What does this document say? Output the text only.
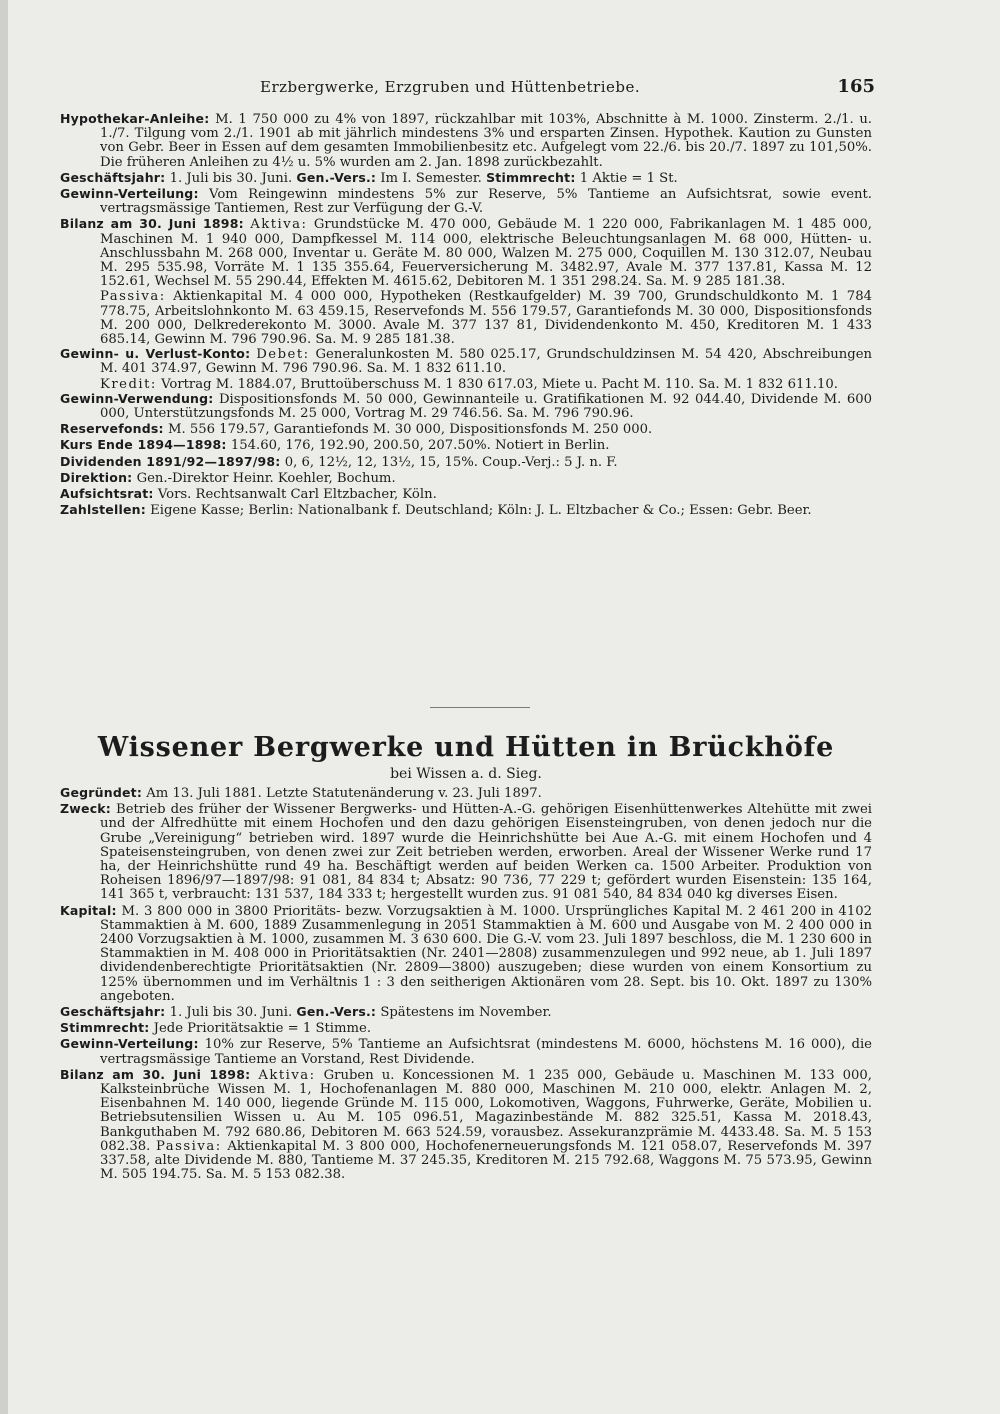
Erzbergwerke, Erzgruben und Hüttenbetriebe.	165

Hypothekar-Anleihe: M. 1 750 000 zu 4% von 1897, rückzahlbar mit 103%, Abschnitte à M. 1000. Zinsterm. 2./1. u. 1./7. Tilgung vom 2./1. 1901 ab mit jährlich mindestens 3% und ersparten Zinsen. Hypothek. Kaution zu Gunsten von Gebr. Beer in Essen auf dem gesamten Immobilienbesitz etc. Aufgelegt vom 22./6. bis 20./7. 1897 zu 101,50%. Die früheren Anleihen zu 4½ u. 5% wurden am 2. Jan. 1898 zurückbezahlt.

Geschäftsjahr: 1. Juli bis 30. Juni. Gen.-Vers.: Im I. Semester. Stimmrecht: 1 Aktie = 1 St.

Gewinn-Verteilung: Vom Reingewinn mindestens 5% zur Reserve, 5% Tantieme an Aufsichtsrat, sowie event. vertragsmässige Tantiemen, Rest zur Verfügung der G.-V.

Bilanz am 30. Juni 1898: Aktiva: Grundstücke M. 470 000, Gebäude M. 1 220 000, Fabrikanlagen M. 1 485 000, Maschinen M. 1 940 000, Dampfkessel M. 114 000, elektrische Beleuchtungsanlagen M. 68 000, Hütten- u. Anschlussbahn M. 268 000, Inventar u. Geräte M. 80 000, Walzen M. 275 000, Coquillen M. 130 312.07, Neubau M. 295 535.98, Vorräte M. 1 135 355.64, Feuerversicherung M. 3482.97, Avale M. 377 137.81, Kassa M. 12 152.61, Wechsel M. 55 290.44, Effekten M. 4615.62, Debitoren M. 1 351 298.24. Sa. M. 9 285 181.38.

Passiva: Aktienkapital M. 4 000 000, Hypotheken (Restkaufgelder) M. 39 700, Grundschuldkonto M. 1 784 778.75, Arbeitslohnkonto M. 63 459.15, Reservefonds M. 556 179.57, Garantiefonds M. 30 000, Dispositionsfonds M. 200 000, Delkrederekonto M. 3000. Avale M. 377 137 81, Dividendenkonto M. 450, Kreditoren M. 1 433 685.14, Gewinn M. 796 790.96. Sa. M. 9 285 181.38.

Gewinn- u. Verlust-Konto: Debet: Generalunkosten M. 580 025.17, Grundschuldzinsen M. 54 420, Abschreibungen M. 401 374.97, Gewinn M. 796 790.96. Sa. M. 1 832 611.10.

Kredit: Vortrag M. 1884.07, Bruttoüberschuss M. 1 830 617.03, Miete u. Pacht M. 110. Sa. M. 1 832 611.10.

Gewinn-Verwendung: Dispositionsfonds M. 50 000, Gewinnanteile u. Gratifikationen M. 92 044.40, Dividende M. 600 000, Unterstützungsfonds M. 25 000, Vortrag M. 29 746.56. Sa. M. 796 790.96.

Reservefonds: M. 556 179.57, Garantiefonds M. 30 000, Dispositionsfonds M. 250 000.

Kurs Ende 1894—1898: 154.60, 176, 192.90, 200.50, 207.50%. Notiert in Berlin.

Dividenden 1891/92—1897/98: 0, 6, 12½, 12, 13½, 15, 15%. Coup.-Verj.: 5 J. n. F.

Direktion: Gen.-Direktor Heinr. Koehler, Bochum.

Aufsichtsrat: Vors. Rechtsanwalt Carl Eltzbacher, Köln.

Zahlstellen: Eigene Kasse; Berlin: Nationalbank f. Deutschland; Köln: J. L. Eltzbacher & Co.; Essen: Gebr. Beer.

Wissener Bergwerke und Hütten in Brückhöfe
bei Wissen a. d. Sieg.

Gegründet: Am 13. Juli 1881. Letzte Statutenänderung v. 23. Juli 1897.

Zweck: Betrieb des früher der Wissener Bergwerks- und Hütten-A.-G. gehörigen Eisenhüttenwerkes Altehütte mit zwei und der Alfredhütte mit einem Hochofen und den dazu gehörigen Eisensteingruben, von denen jedoch nur die Grube „Vereinigung“ betrieben wird. 1897 wurde die Heinrichshütte bei Aue A.-G. mit einem Hochofen und 4 Spateisensteingruben, von denen zwei zur Zeit betrieben werden, erworben. Areal der Wissener Werke rund 17 ha, der Heinrichshütte rund 49 ha. Beschäftigt werden auf beiden Werken ca. 1500 Arbeiter. Produktion von Roheisen 1896/97—1897/98: 91 081, 84 834 t; Absatz: 90 736, 77 229 t; gefördert wurden Eisenstein: 135 164, 141 365 t, verbraucht: 131 537, 184 333 t; hergestellt wurden zus. 91 081 540, 84 834 040 kg diverses Eisen.

Kapital: M. 3 800 000 in 3800 Prioritäts- bezw. Vorzugsaktien à M. 1000. Ursprüngliches Kapital M. 2 461 200 in 4102 Stammaktien à M. 600, 1889 Zusammenlegung in 2051 Stammaktien à M. 600 und Ausgabe von M. 2 400 000 in 2400 Vorzugsaktien à M. 1000, zusammen M. 3 630 600. Die G.-V. vom 23. Juli 1897 beschloss, die M. 1 230 600 in Stammaktien in M. 408 000 in Prioritätsaktien (Nr. 2401—2808) zusammenzulegen und 992 neue, ab 1. Juli 1897 dividendenberechtigte Prioritätsaktien (Nr. 2809—3800) auszugeben; diese wurden von einem Konsortium zu 125% übernommen und im Verhältnis 1 : 3 den seitherigen Aktionären vom 28. Sept. bis 10. Okt. 1897 zu 130% angeboten.

Geschäftsjahr: 1. Juli bis 30. Juni. Gen.-Vers.: Spätestens im November.

Stimmrecht: Jede Prioritätsaktie = 1 Stimme.

Gewinn-Verteilung: 10% zur Reserve, 5% Tantieme an Aufsichtsrat (mindestens M. 6000, höchstens M. 16 000), die vertragsmässige Tantieme an Vorstand, Rest Dividende.

Bilanz am 30. Juni 1898: Aktiva: Gruben u. Koncessionen M. 1 235 000, Gebäude u. Maschinen M. 133 000, Kalksteinbrüche Wissen M. 1, Hochofenanlagen M. 880 000, Maschinen M. 210 000, elektr. Anlagen M. 2, Eisenbahnen M. 140 000, liegende Gründe M. 115 000, Lokomotiven, Waggons, Fuhrwerke, Geräte, Mobilien u. Betriebsutensilien Wissen u. Au M. 105 096.51, Magazinbestände M. 882 325.51, Kassa M. 2018.43, Bankguthaben M. 792 680.86, Debitoren M. 663 524.59, vorausbez. Assekuranzprämie M. 4433.48. Sa. M. 5 153 082.38. Passiva: Aktienkapital M. 3 800 000, Hochofenerneuerungsfonds M. 121 058.07, Reservefonds M. 397 337.58, alte Dividende M. 880, Tantieme M. 37 245.35, Kreditoren M. 215 792.68, Waggons M. 75 573.95, Gewinn M. 505 194.75. Sa. M. 5 153 082.38.
